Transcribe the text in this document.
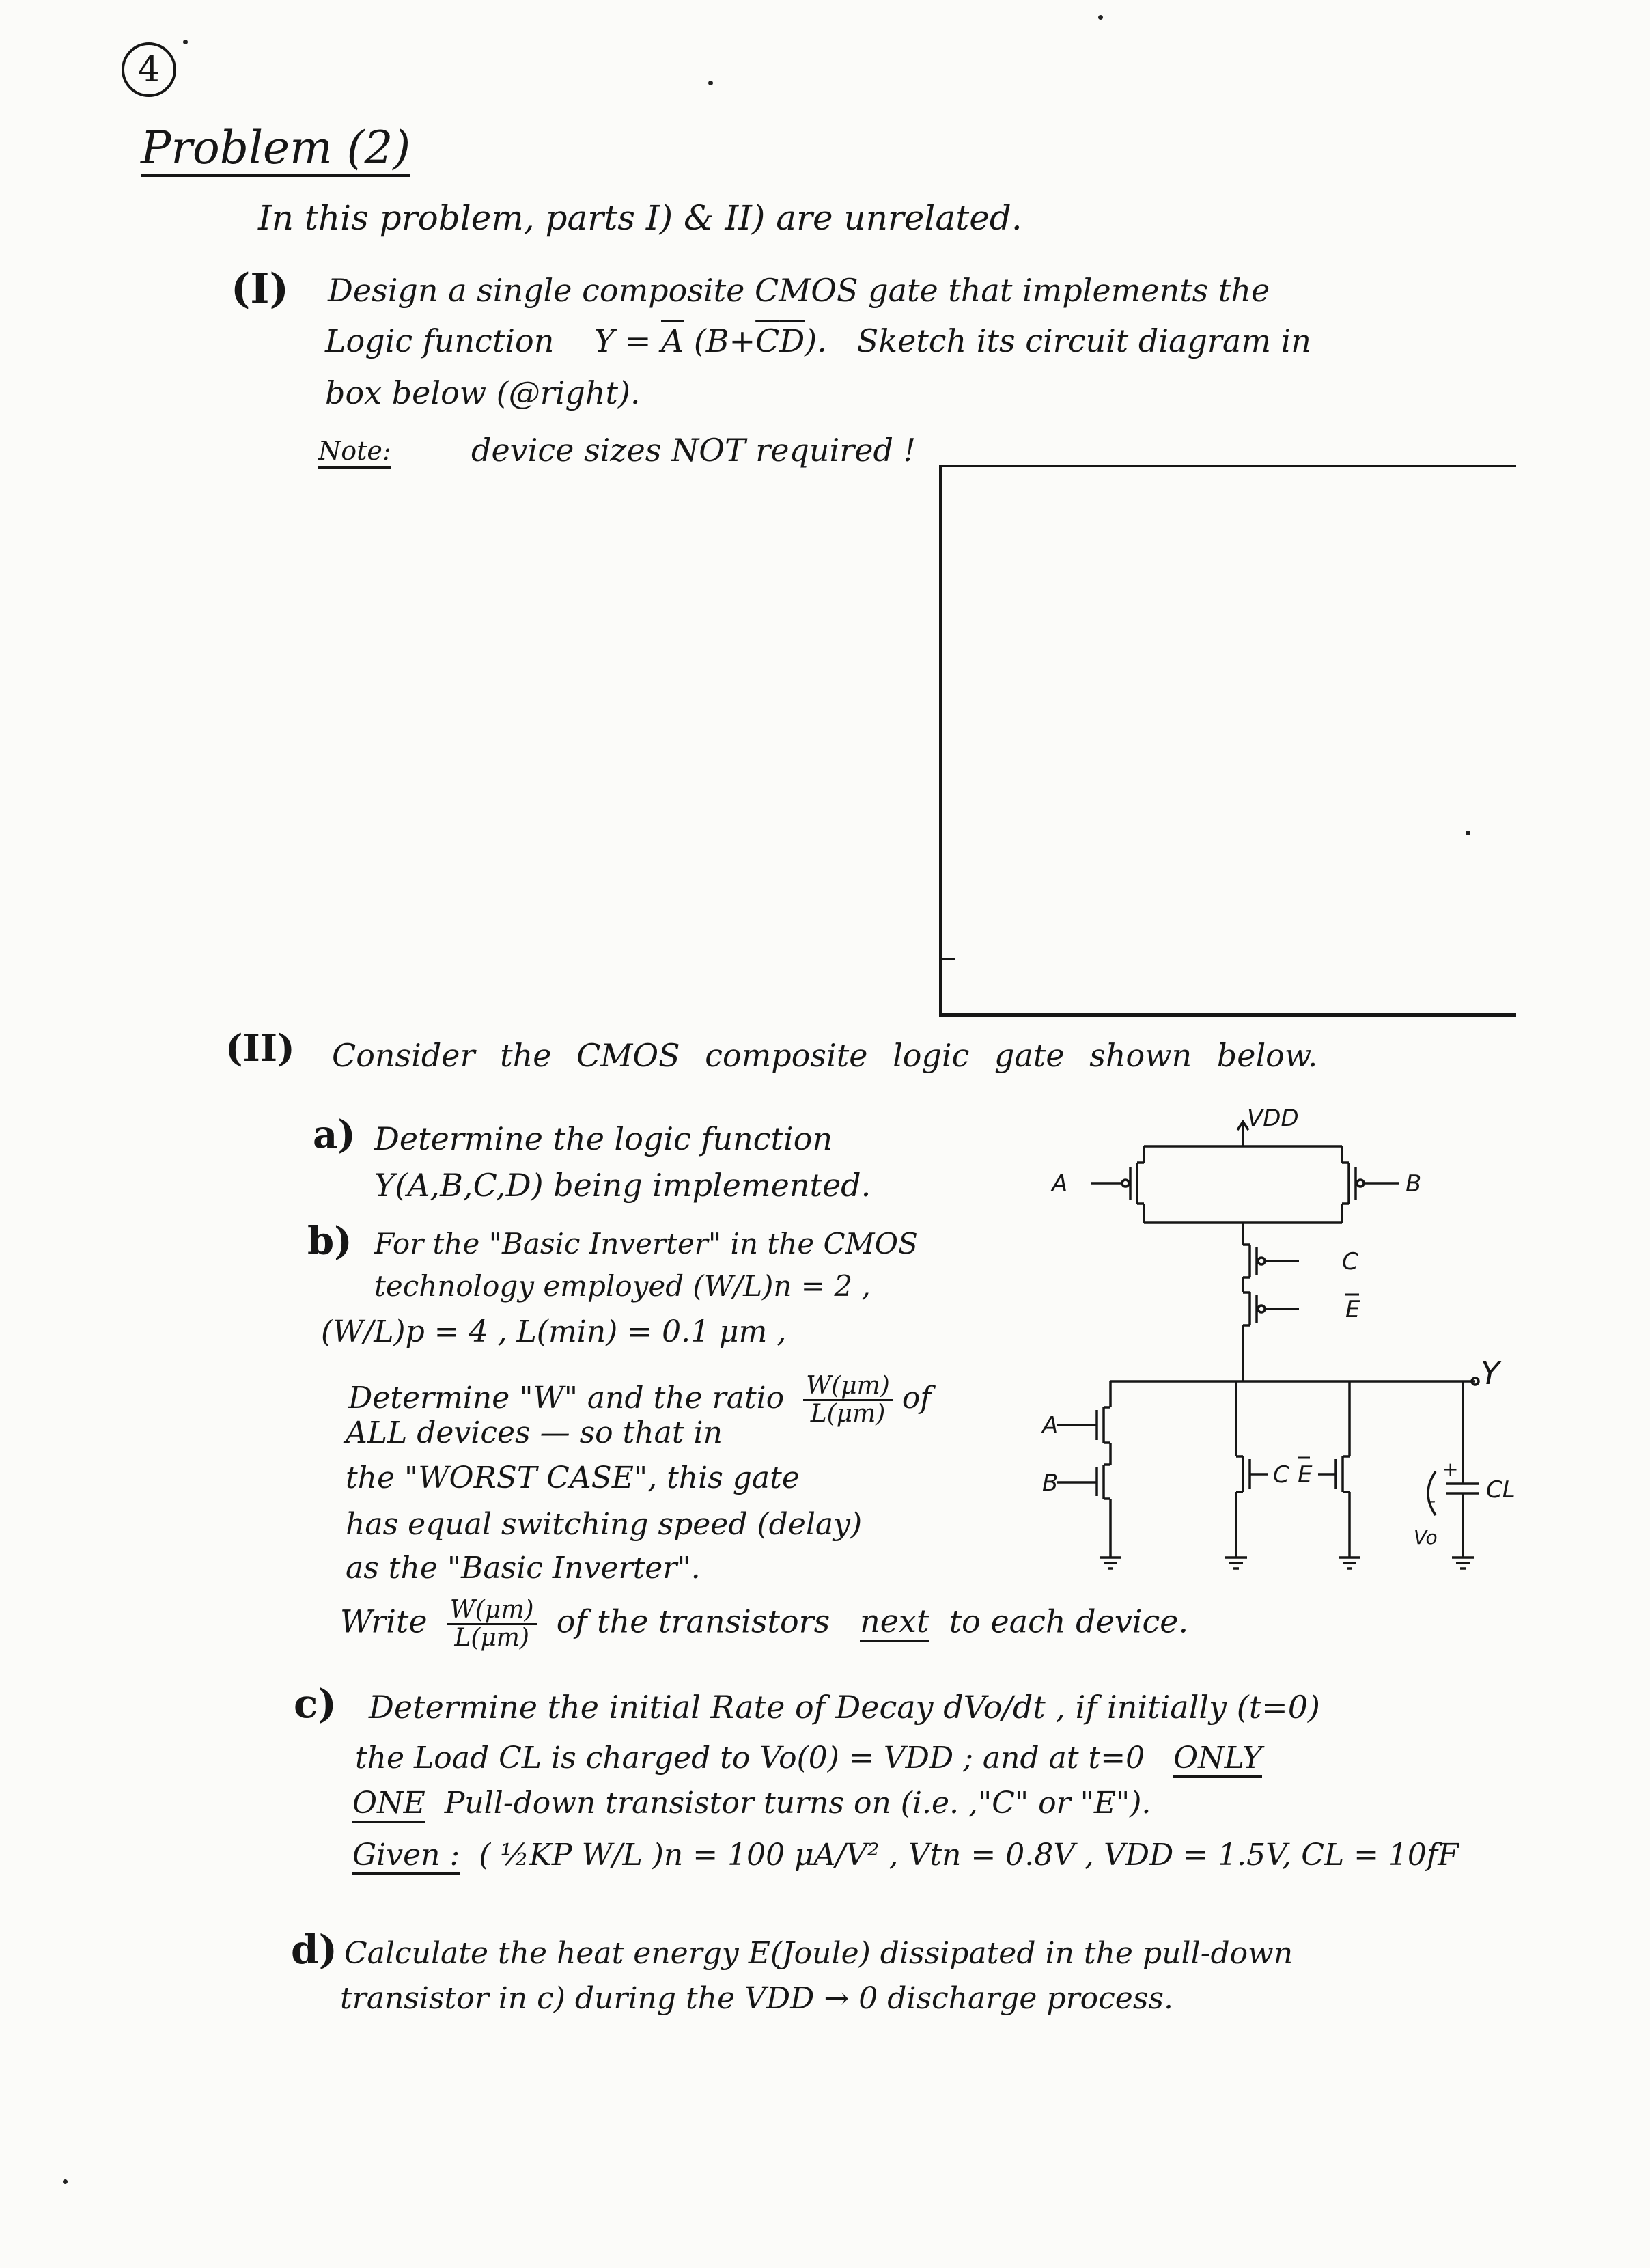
4
Problem (2)
In this problem, parts I) & II) are unrelated.
(I) Design a single composite CMOS gate that implements the
Logic function $Y = \overline{A}$ $(B+\overline{C}\overline{D})$. Sketch its circuit diagram in
box below (@right).
Note:	device sizes NOT required !
(II) Consider the CMOS composite logic gate shown below.
a) Determine the logic function
Y(A,B,C,D) being implemented.
b) For the "Basic Inverter" in the CMOS
technology employed (W/L)n = 2 ,
(W/L)p = 4 , L(min) = 0.1 μm ,
Determine "W" and the ratio $\frac{W(\mu m)}{L(\mu m)}$ of
ALL devices — so that in
the "WORST CASE", this gate
has equal switching speed (delay)
as the "Basic Inverter".
Write $\frac{W(\mu m)}{L(\mu m)}$ of the transistors next to each device.
c) Determine the initial Rate of Decay dVo/dt , if initially (t=0)
the Load CL is charged to Vo(0) = VDD ; and at t=0 ONLY
ONE Pull-down transistor turns on (i.e. ,"C" or "E").
Given : ( ½KP W/L )n = 100 μA/V² , Vtn = 0.8V , VDD = 1.5V, CL = 10fF
d) Calculate the heat energy E(Joule) dissipated in the pull-down
transistor in c) during the VDD → 0 discharge process.
VDD
A	B
C
E
Y
A
B	C E	+
-
Vo
CL
